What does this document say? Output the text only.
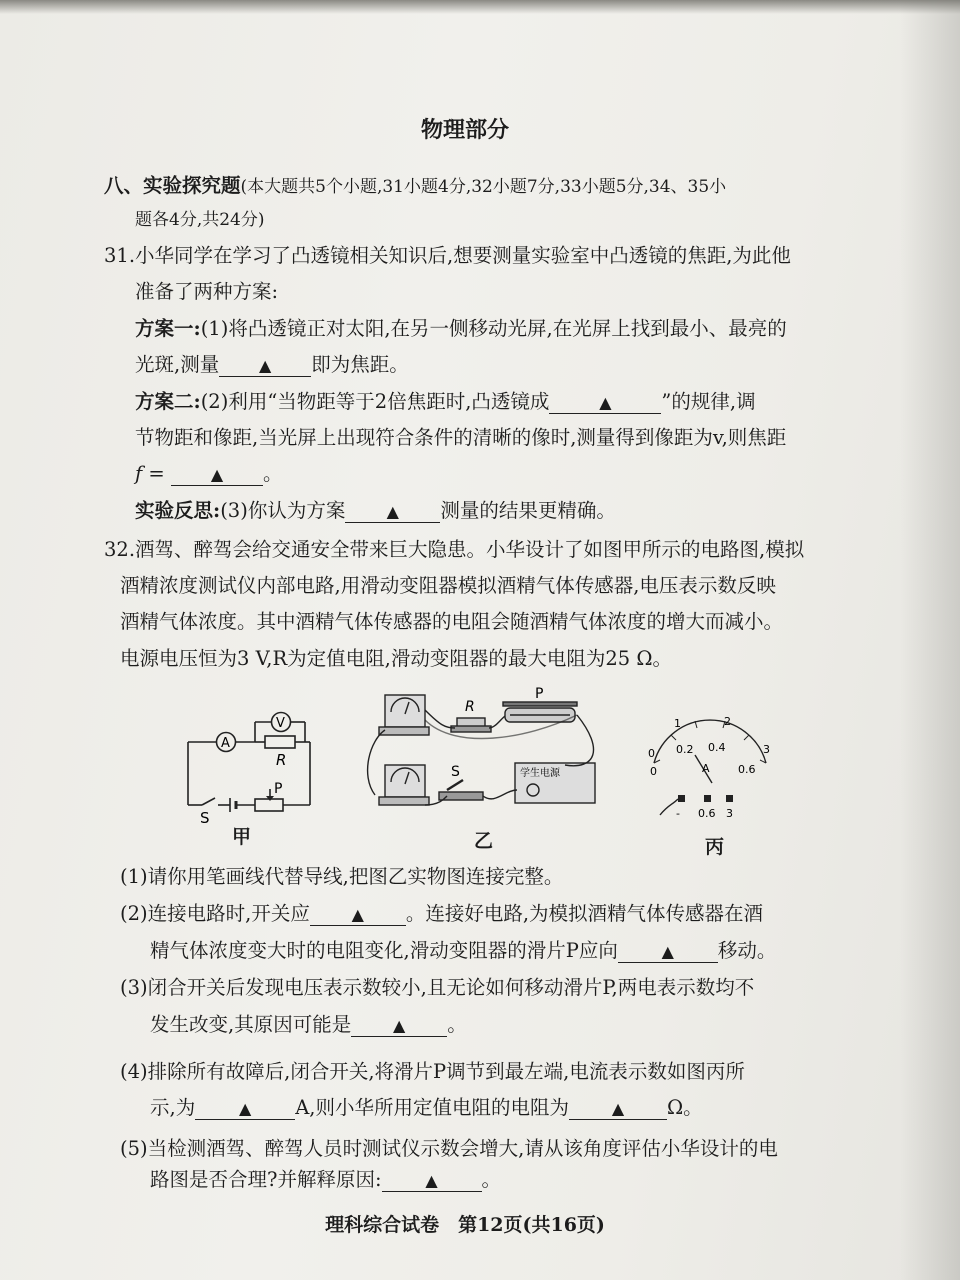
物理部分
八、实验探究题(本大题共5个小题,31小题4分,32小题7分,33小题5分,34、35小
题各4分,共24分)
31.小华同学在学习了凸透镜相关知识后,想要测量实验室中凸透镜的焦距,为此他
准备了两种方案:
方案一:(1)将凸透镜正对太阳,在另一侧移动光屏,在光屏上找到最小、最亮的
光斑,测量 ▲ 即为焦距。
方案二:(2)利用“当物距等于2倍焦距时,凸透镜成	▲	”的规律,调
节物距和像距,当光屏上出现符合条件的清晰的像时,测量得到像距为v,则焦距
f =	▲ 。
实验反思:(3)你认为方案	▲ 测量的结果更精确。
32.酒驾、醉驾会给交通安全带来巨大隐患。小华设计了如图甲所示的电路图,模拟
酒精浓度测试仪内部电路,用滑动变阻器模拟酒精气体传感器,电压表示数反映
酒精气体浓度。其中酒精气体传感器的电阻会随酒精气体浓度的增大而减小。
电源电压恒为3 V,R为定值电阻,滑动变阻器的最大电阻为25 Ω。
A
V
R
S
P
甲
R
P
S	学生电源
乙
1	2
3
0
0
0.2 0.4
0.6
A
- 0.6 3
丙
(1)请你用笔画线代替导线,把图乙实物图连接完整。
(2)连接电路时,开关应	▲ 。连接好电路,为模拟酒精气体传感器在酒
精气体浓度变大时的电阻变化,滑动变阻器的滑片P应向	▲ 移动。
(3)闭合开关后发现电压表示数较小,且无论如何移动滑片P,两电表示数均不
发生改变,其原因可能是	▲ 。
(4)排除所有故障后,闭合开关,将滑片P调节到最左端,电流表示数如图丙所
示,为	▲ A,则小华所用定值电阻的电阻为	▲ Ω。
(5)当检测酒驾、醉驾人员时测试仪示数会增大,请从该角度评估小华设计的电
路图是否合理?并解释原因:	▲ 。
理科综合试卷　第12页(共16页)
